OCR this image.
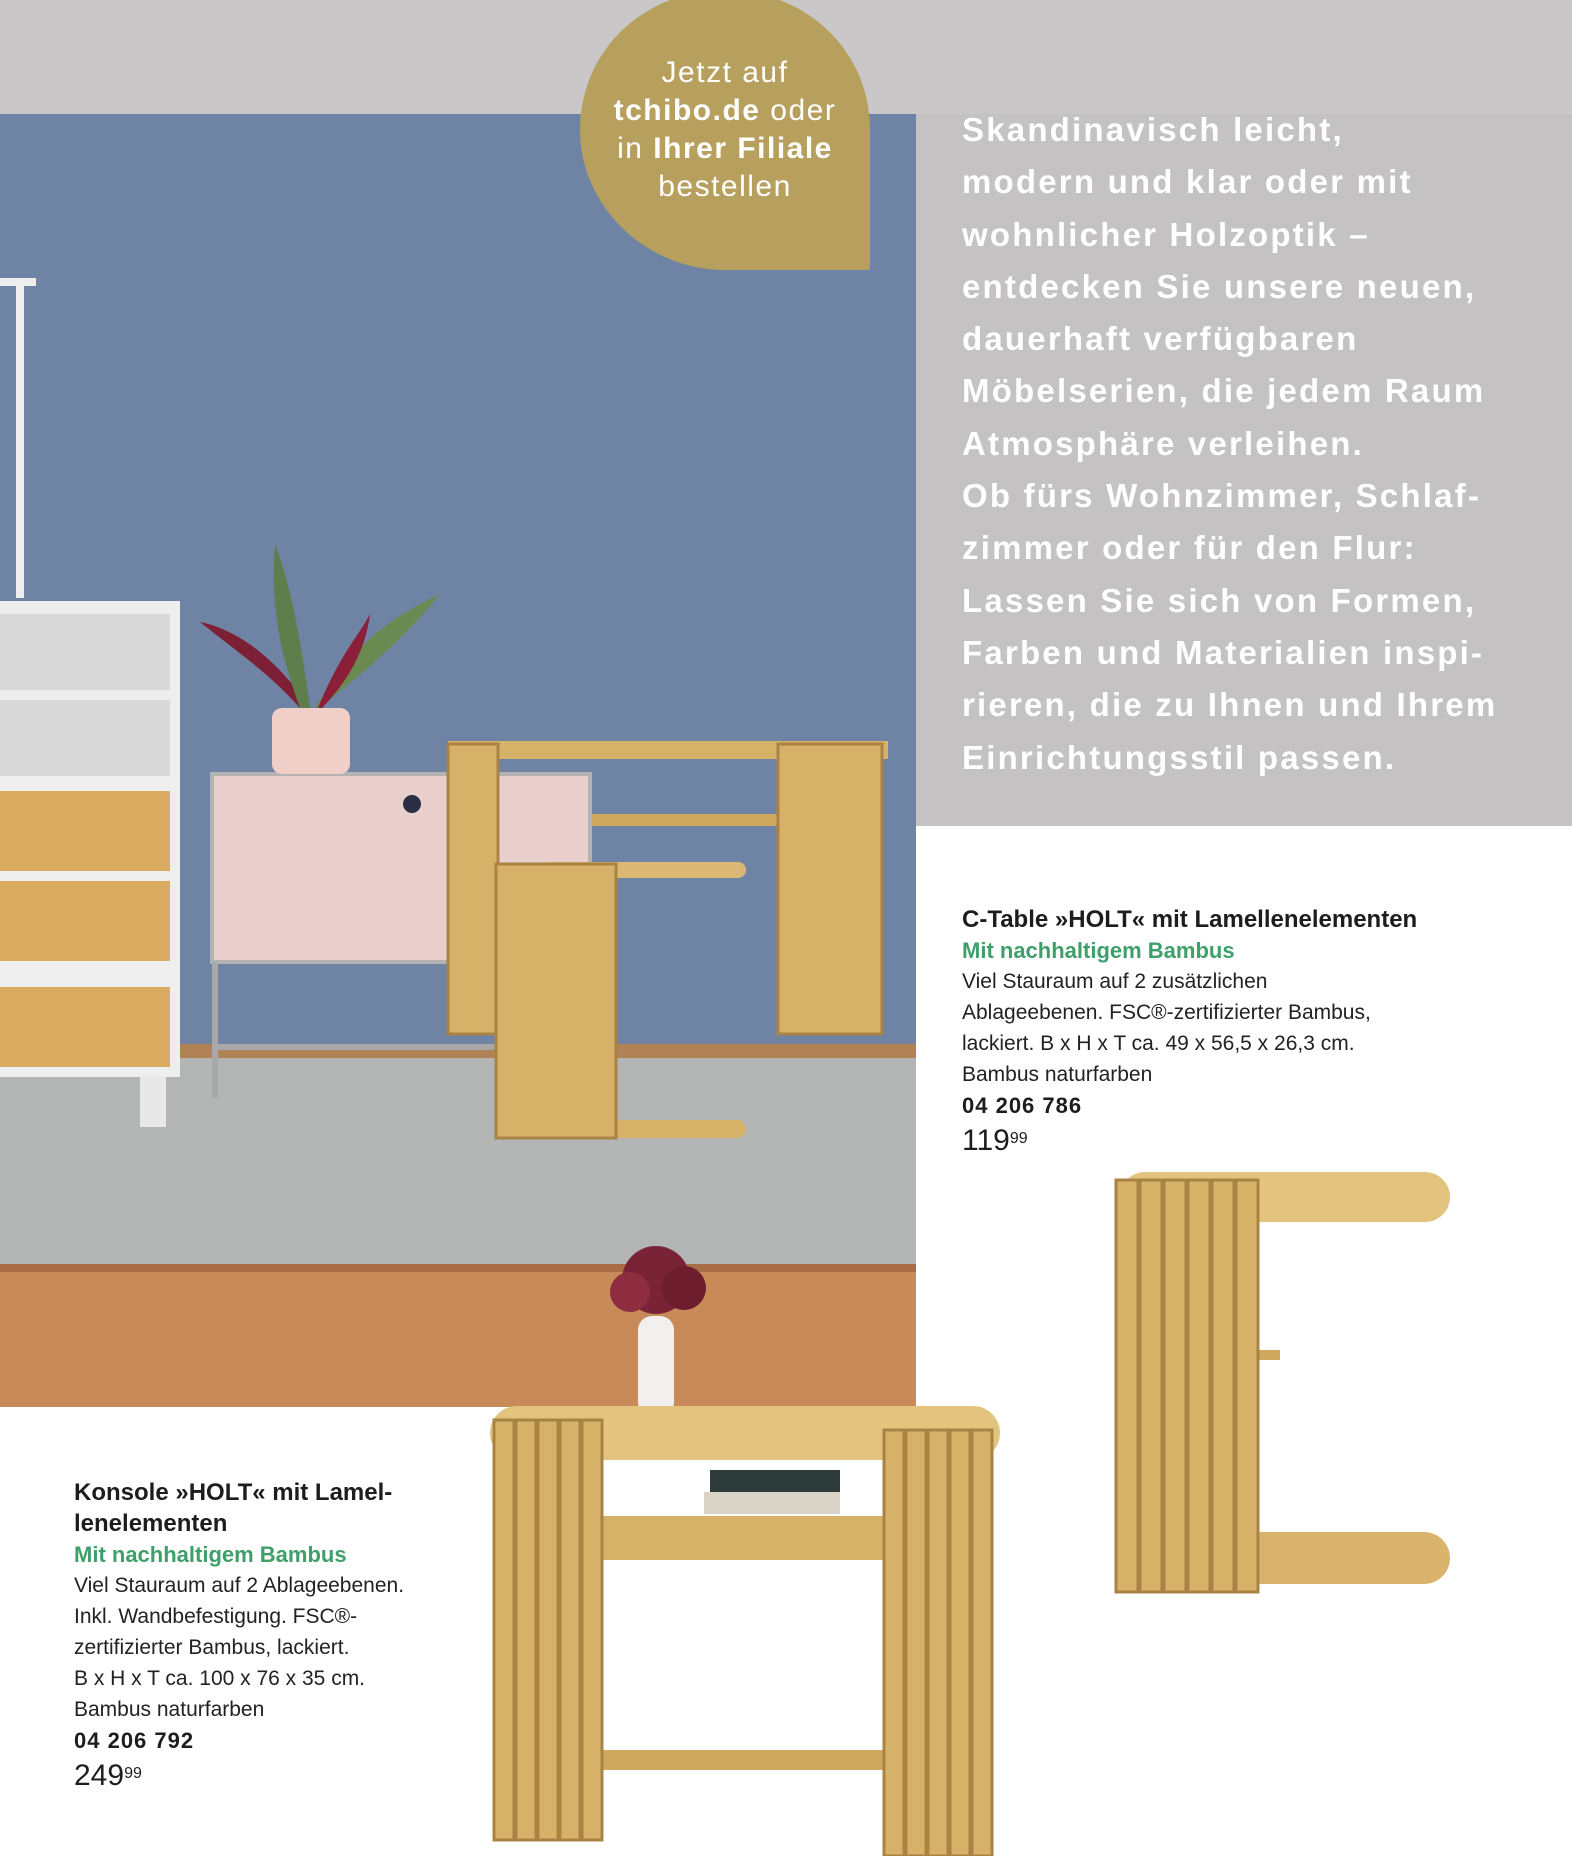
Jetzt auf
tchibo.de oder
in Ihrer Filiale
bestellen
Skandinavisch leicht,
modern und klar oder mit
wohnlicher Holzoptik –
entdecken Sie unsere neuen,
dauerhaft verfügbaren
Möbelserien, die jedem Raum
Atmosphäre verleihen.
Ob fürs Wohnzimmer, Schlaf-
zimmer oder für den Flur:
Lassen Sie sich von Formen,
Farben und Materialien inspi-
rieren, die zu Ihnen und Ihrem
Einrichtungsstil passen.
C-Table »HOLT« mit Lamellenelementen
Mit nachhaltigem Bambus
Viel Stauraum auf 2 zusätzlichen
Ablageebenen. FSC®-zertifizierter Bambus,
lackiert. B x H x T ca. 49 x 56,5 x 26,3 cm.
Bambus naturfarben
04 206 786
$119^{99}$
Konsole »HOLT« mit Lamel-
lenelementen
Mit nachhaltigem Bambus
Viel Stauraum auf 2 Ablageebenen.
Inkl. Wandbefestigung. FSC®-
zertifizierter Bambus, lackiert.
B x H x T ca. 100 x 76 x 35 cm.
Bambus naturfarben
04 206 792
$249^{99}$
